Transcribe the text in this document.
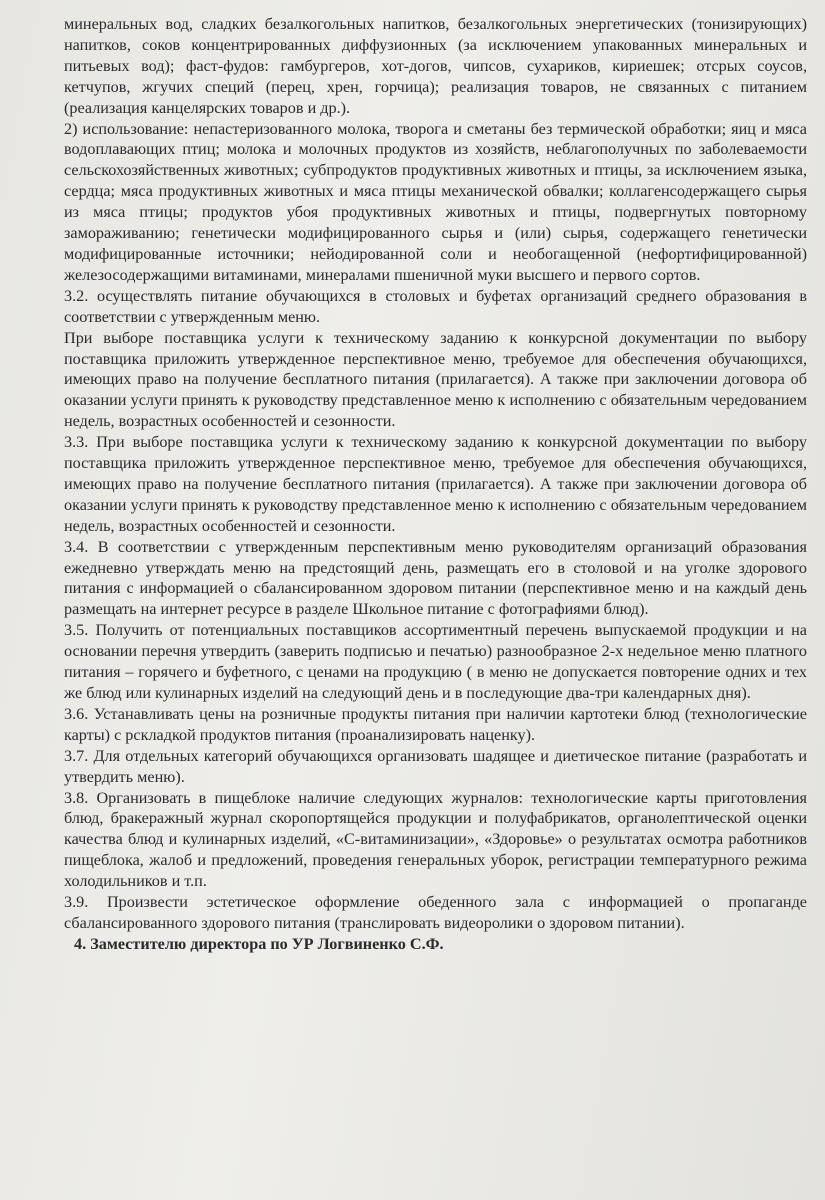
минеральных вод, сладких безалкогольных напитков, безалкогольных энергетических (тонизирующих) напитков, соков концентрированных диффузионных (за исключением упакованных минеральных и питьевых вод); фаст-фудов: гамбургеров, хот-догов, чипсов, сухариков, кириешек; отсрых соусов, кетчупов, жгучих специй (перец, хрен, горчица); реализация товаров, не связанных с питанием (реализация канцелярских товаров и др.).

2) использование: непастеризованного молока, творога и сметаны без термической обработки; яиц и мяса водоплавающих птиц; молока и молочных продуктов из хозяйств, неблагополучных по заболеваемости сельскохозяйственных животных; субпродуктов продуктивных животных и птицы, за исключением языка, сердца; мяса продуктивных животных и мяса птицы механической обвалки; коллагенсодержащего сырья из мяса птицы; продуктов убоя продуктивных животных и птицы, подвергнутых повторному замораживанию; генетически модифицированного сырья и (или) сырья, содержащего генетически модифицированные источники; нейодированной соли и необогащенной (нефортифицированной) железосодержащими витаминами, минералами пшеничной муки высшего и первого сортов.

3.2. осуществлять питание обучающихся в столовых и буфетах организаций среднего образования в соответствии с утвержденным меню.

При выборе поставщика услуги к техническому заданию к конкурсной документации по выбору поставщика приложить утвержденное перспективное меню, требуемое для обеспечения обучающихся, имеющих право на получение бесплатного питания (прилагается). А также при заключении договора об оказании услуги принять к руководству представленное меню к исполнению с обязательным чередованием недель, возрастных особенностей и сезонности.

3.3. При выборе поставщика услуги к техническому заданию к конкурсной документации по выбору поставщика приложить утвержденное перспективное меню, требуемое для обеспечения обучающихся, имеющих право на получение бесплатного питания (прилагается). А также при заключении договора об оказании услуги принять к руководству представленное меню к исполнению с обязательным чередованием недель, возрастных особенностей и сезонности.

3.4. В соответствии с утвержденным перспективным меню руководителям организаций образования ежедневно утверждать меню на предстоящий день, размещать его в столовой и на уголке здорового питания с информацией о сбалансированном здоровом питании (перспективное меню и на каждый день размещать на интернет ресурсе в разделе Школьное питание с фотографиями блюд).

3.5. Получить от потенциальных поставщиков ассортиментный перечень выпускаемой продукции и на основании перечня утвердить (заверить подписью и печатью) разнообразное 2-х недельное меню платного питания – горячего и буфетного, с ценами на продукцию ( в меню не допускается повторение одних и тех же блюд или кулинарных изделий на следующий день и в последующие два-три календарных дня).

3.6. Устанавливать цены на розничные продукты питания при наличии картотеки блюд (технологические карты) с рскладкой продуктов питания (проанализировать наценку).

3.7. Для отдельных категорий обучающихся организовать шадящее и диетическое питание (разработать и утвердить меню).

3.8. Организовать в пищеблоке наличие следующих журналов: технологические карты приготовления блюд, бракеражный журнал скоропортящейся продукции и полуфабрикатов, органолептической оценки качества блюд и кулинарных изделий, «С-витаминизации», «Здоровье» о результатах осмотра работников пищеблока, жалоб и предложений, проведения генеральных уборок, регистрации температурного режима холодильников и т.п.

3.9. Произвести эстетическое оформление обеденного зала с информацией о пропаганде сбалансированного здорового питания (транслировать видеоролики о здоровом питании).

4. Заместителю директора по УР Логвиненко С.Ф.
